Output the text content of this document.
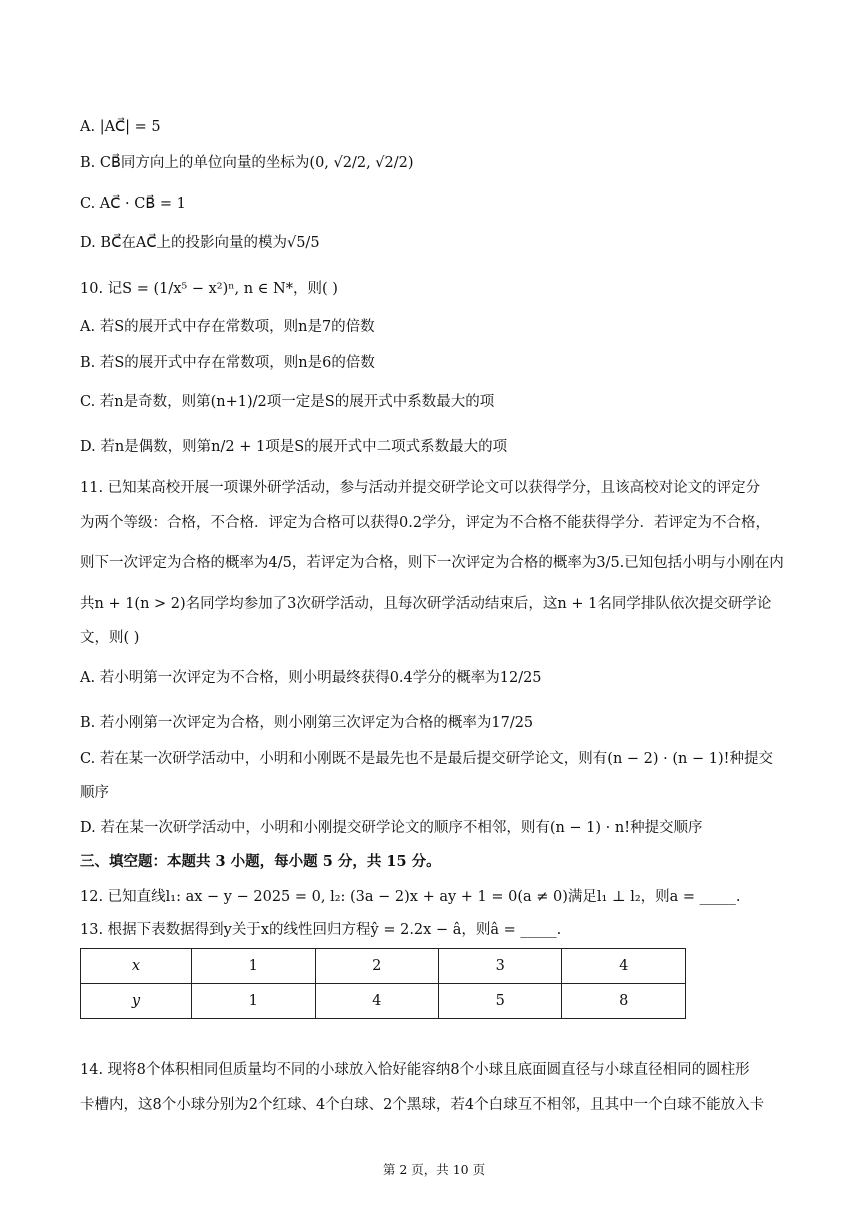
A. |AC⃗| = 5
B. CB⃗同方向上的单位向量的坐标为(0, √2/2, √2/2)
C. AC⃗ · CB⃗ = 1
D. BC⃗在AC⃗上的投影向量的模为√5/5
10. 记S = (1/x⁵ − x²)ⁿ, n ∈ N*，则( )
A. 若S的展开式中存在常数项，则n是7的倍数
B. 若S的展开式中存在常数项，则n是6的倍数
C. 若n是奇数，则第(n+1)/2项一定是S的展开式中系数最大的项
D. 若n是偶数，则第n/2 + 1项是S的展开式中二项式系数最大的项
11. 已知某高校开展一项课外研学活动，参与活动并提交研学论文可以获得学分，且该高校对论文的评定分
为两个等级：合格，不合格．评定为合格可以获得0.2学分，评定为不合格不能获得学分．若评定为不合格，
则下一次评定为合格的概率为4/5，若评定为合格，则下一次评定为合格的概率为3/5.已知包括小明与小刚在内
共n + 1(n > 2)名同学均参加了3次研学活动，且每次研学活动结束后，这n + 1名同学排队依次提交研学论
文，则( )
A. 若小明第一次评定为不合格，则小明最终获得0.4学分的概率为12/25
B. 若小刚第一次评定为合格，则小刚第三次评定为合格的概率为17/25
C. 若在某一次研学活动中，小明和小刚既不是最先也不是最后提交研学论文，则有(n − 2) · (n − 1)!种提交
顺序
D. 若在某一次研学活动中，小明和小刚提交研学论文的顺序不相邻，则有(n − 1) · n!种提交顺序
三、填空题：本题共 3 小题，每小题 5 分，共 15 分。
12. 已知直线l₁: ax − y − 2025 = 0, l₂: (3a − 2)x + ay + 1 = 0(a ≠ 0)满足l₁ ⊥ l₂，则a = _____.
13. 根据下表数据得到y关于x的线性回归方程ŷ = 2.2x − â，则â = _____.
14. 现将8个体积相同但质量均不同的小球放入恰好能容纳8个小球且底面圆直径与小球直径相同的圆柱形
卡槽内，这8个小球分别为2个红球、4个白球、2个黑球，若4个白球互不相邻，且其中一个白球不能放入卡
x	1	2	3	4
y	1	4	5	8
第 2 页，共 10 页
